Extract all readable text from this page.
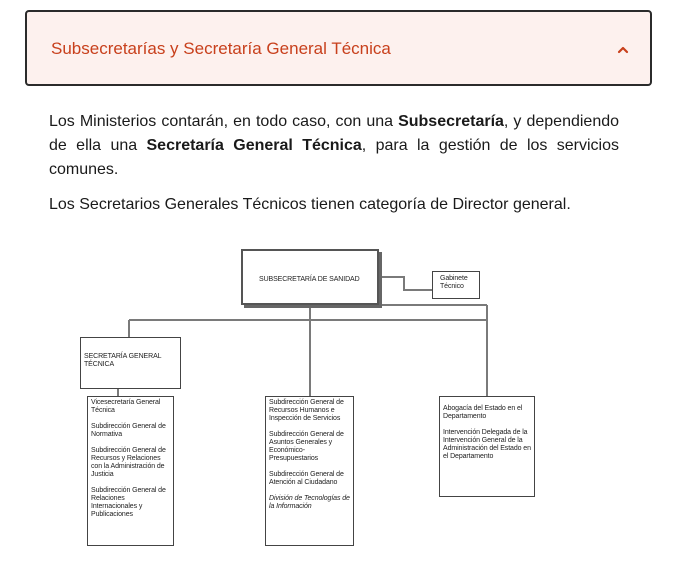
Subsecretarías y Secretaría General Técnica

Los Ministerios contarán, en todo caso, con una Subsecretaría, y dependiendo de ella una Secretaría General Técnica, para la gestión de los servicios comunes.

Los Secretarios Generales Técnicos tienen categoría de Director general.

SUBSECRETARÍA DE SANIDAD	Gabinete
Técnico
SECRETARÍA GENERAL
TÉCNICA
Vicesecretaría General Técnica
Subdirección General de Normativa
Subdirección General de Recursos y Relaciones con la Administración de Justicia
Subdirección General de Relaciones Internacionales y Publicaciones
Subdirección General de Recursos Humanos e Inspección de Servicios
Subdirección General de Asuntos Generales y Económico-Presupuestarios
Subdirección General de Atención al Ciudadano
División de Tecnologías de la Información
Abogacía del Estado en el Departamento
Intervención Delegada de la Intervención General de la Administración del Estado en el Departamento
